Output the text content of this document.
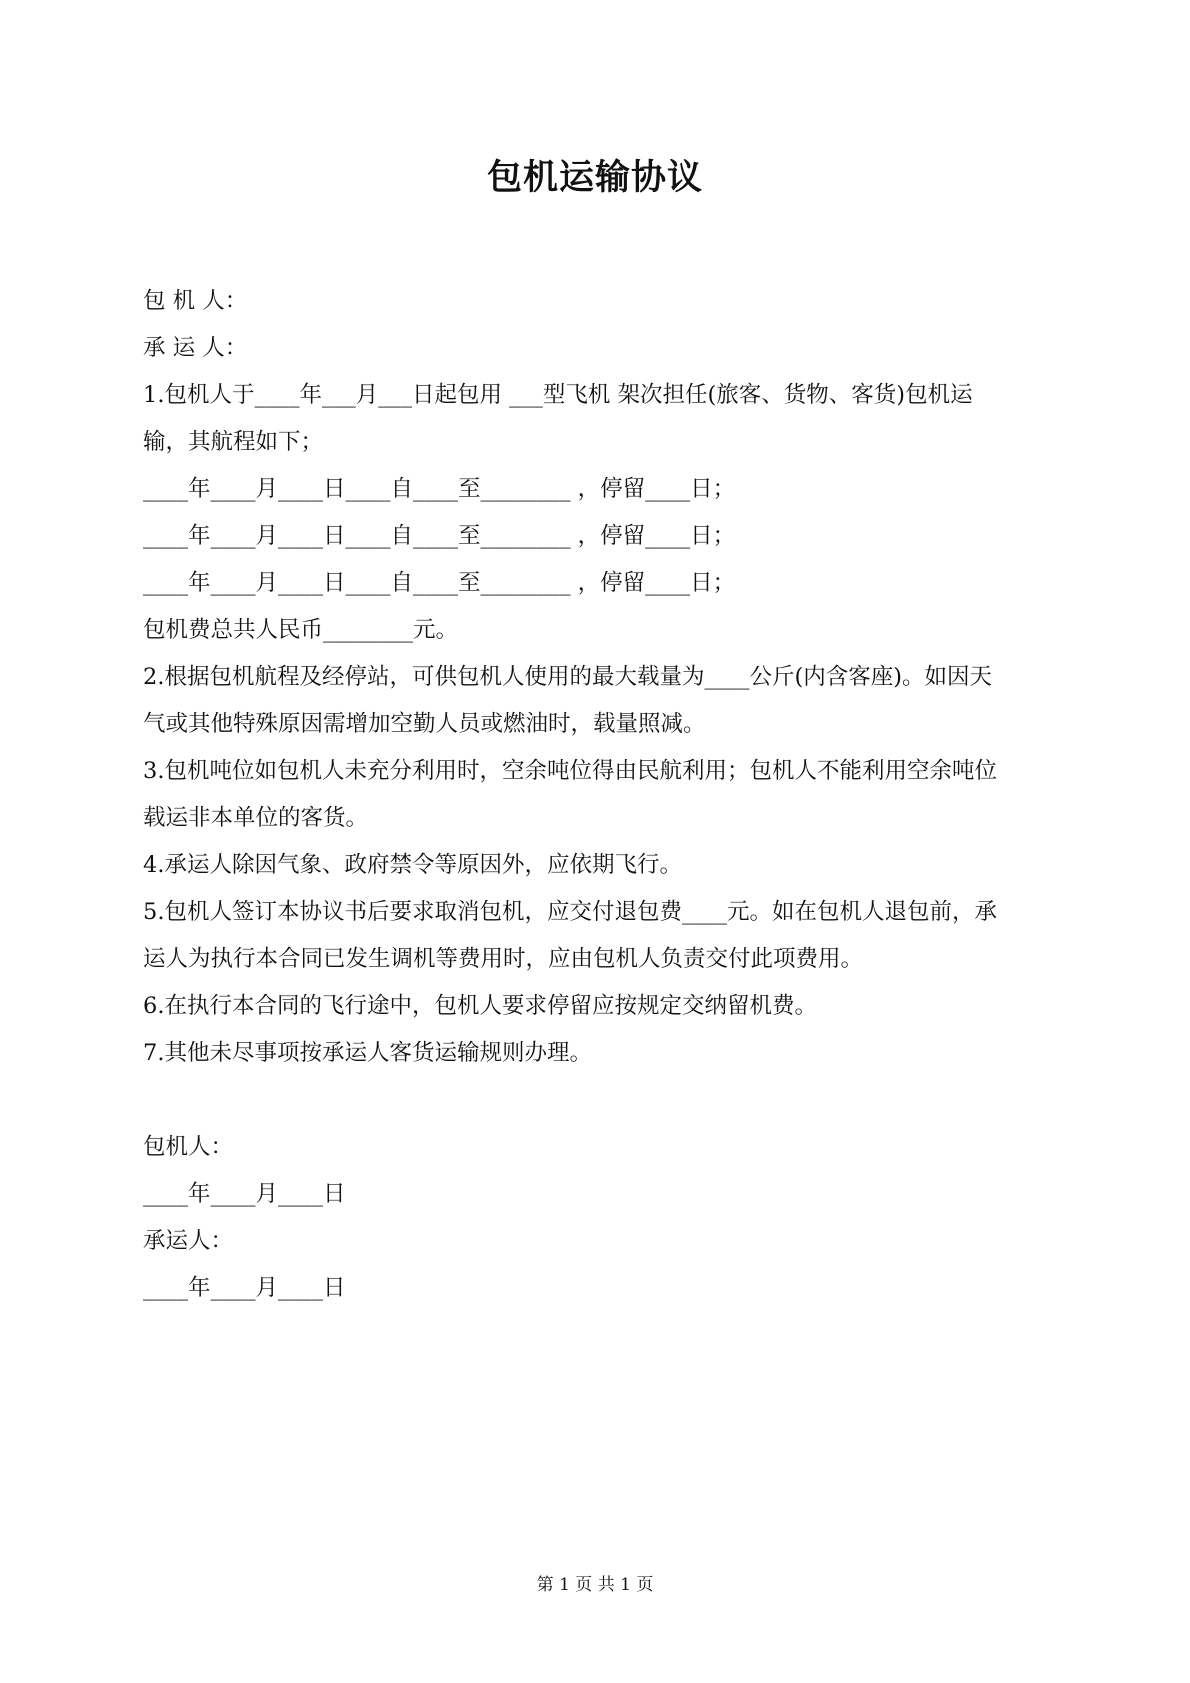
包机运输协议
包 机 人：
承 运 人：
1.包机人于____年___月___日起包用 ___型飞机 架次担任(旅客、货物、客货)包机运
输，其航程如下；
____年____月____日____自____至________ ，停留____日；
____年____月____日____自____至________ ，停留____日；
____年____月____日____自____至________ ，停留____日；
包机费总共人民币________元。
2.根据包机航程及经停站，可供包机人使用的最大载量为____公斤(内含客座)。如因天
气或其他特殊原因需增加空勤人员或燃油时，载量照减。
3.包机吨位如包机人未充分利用时，空余吨位得由民航利用；包机人不能利用空余吨位
载运非本单位的客货。
4.承运人除因气象、政府禁令等原因外，应依期飞行。
5.包机人签订本协议书后要求取消包机，应交付退包费____元。如在包机人退包前，承
运人为执行本合同已发生调机等费用时，应由包机人负责交付此项费用。
6.在执行本合同的飞行途中，包机人要求停留应按规定交纳留机费。
7.其他未尽事项按承运人客货运输规则办理。
包机人：
____年____月____日
承运人：
____年____月____日
第 1 页 共 1 页
